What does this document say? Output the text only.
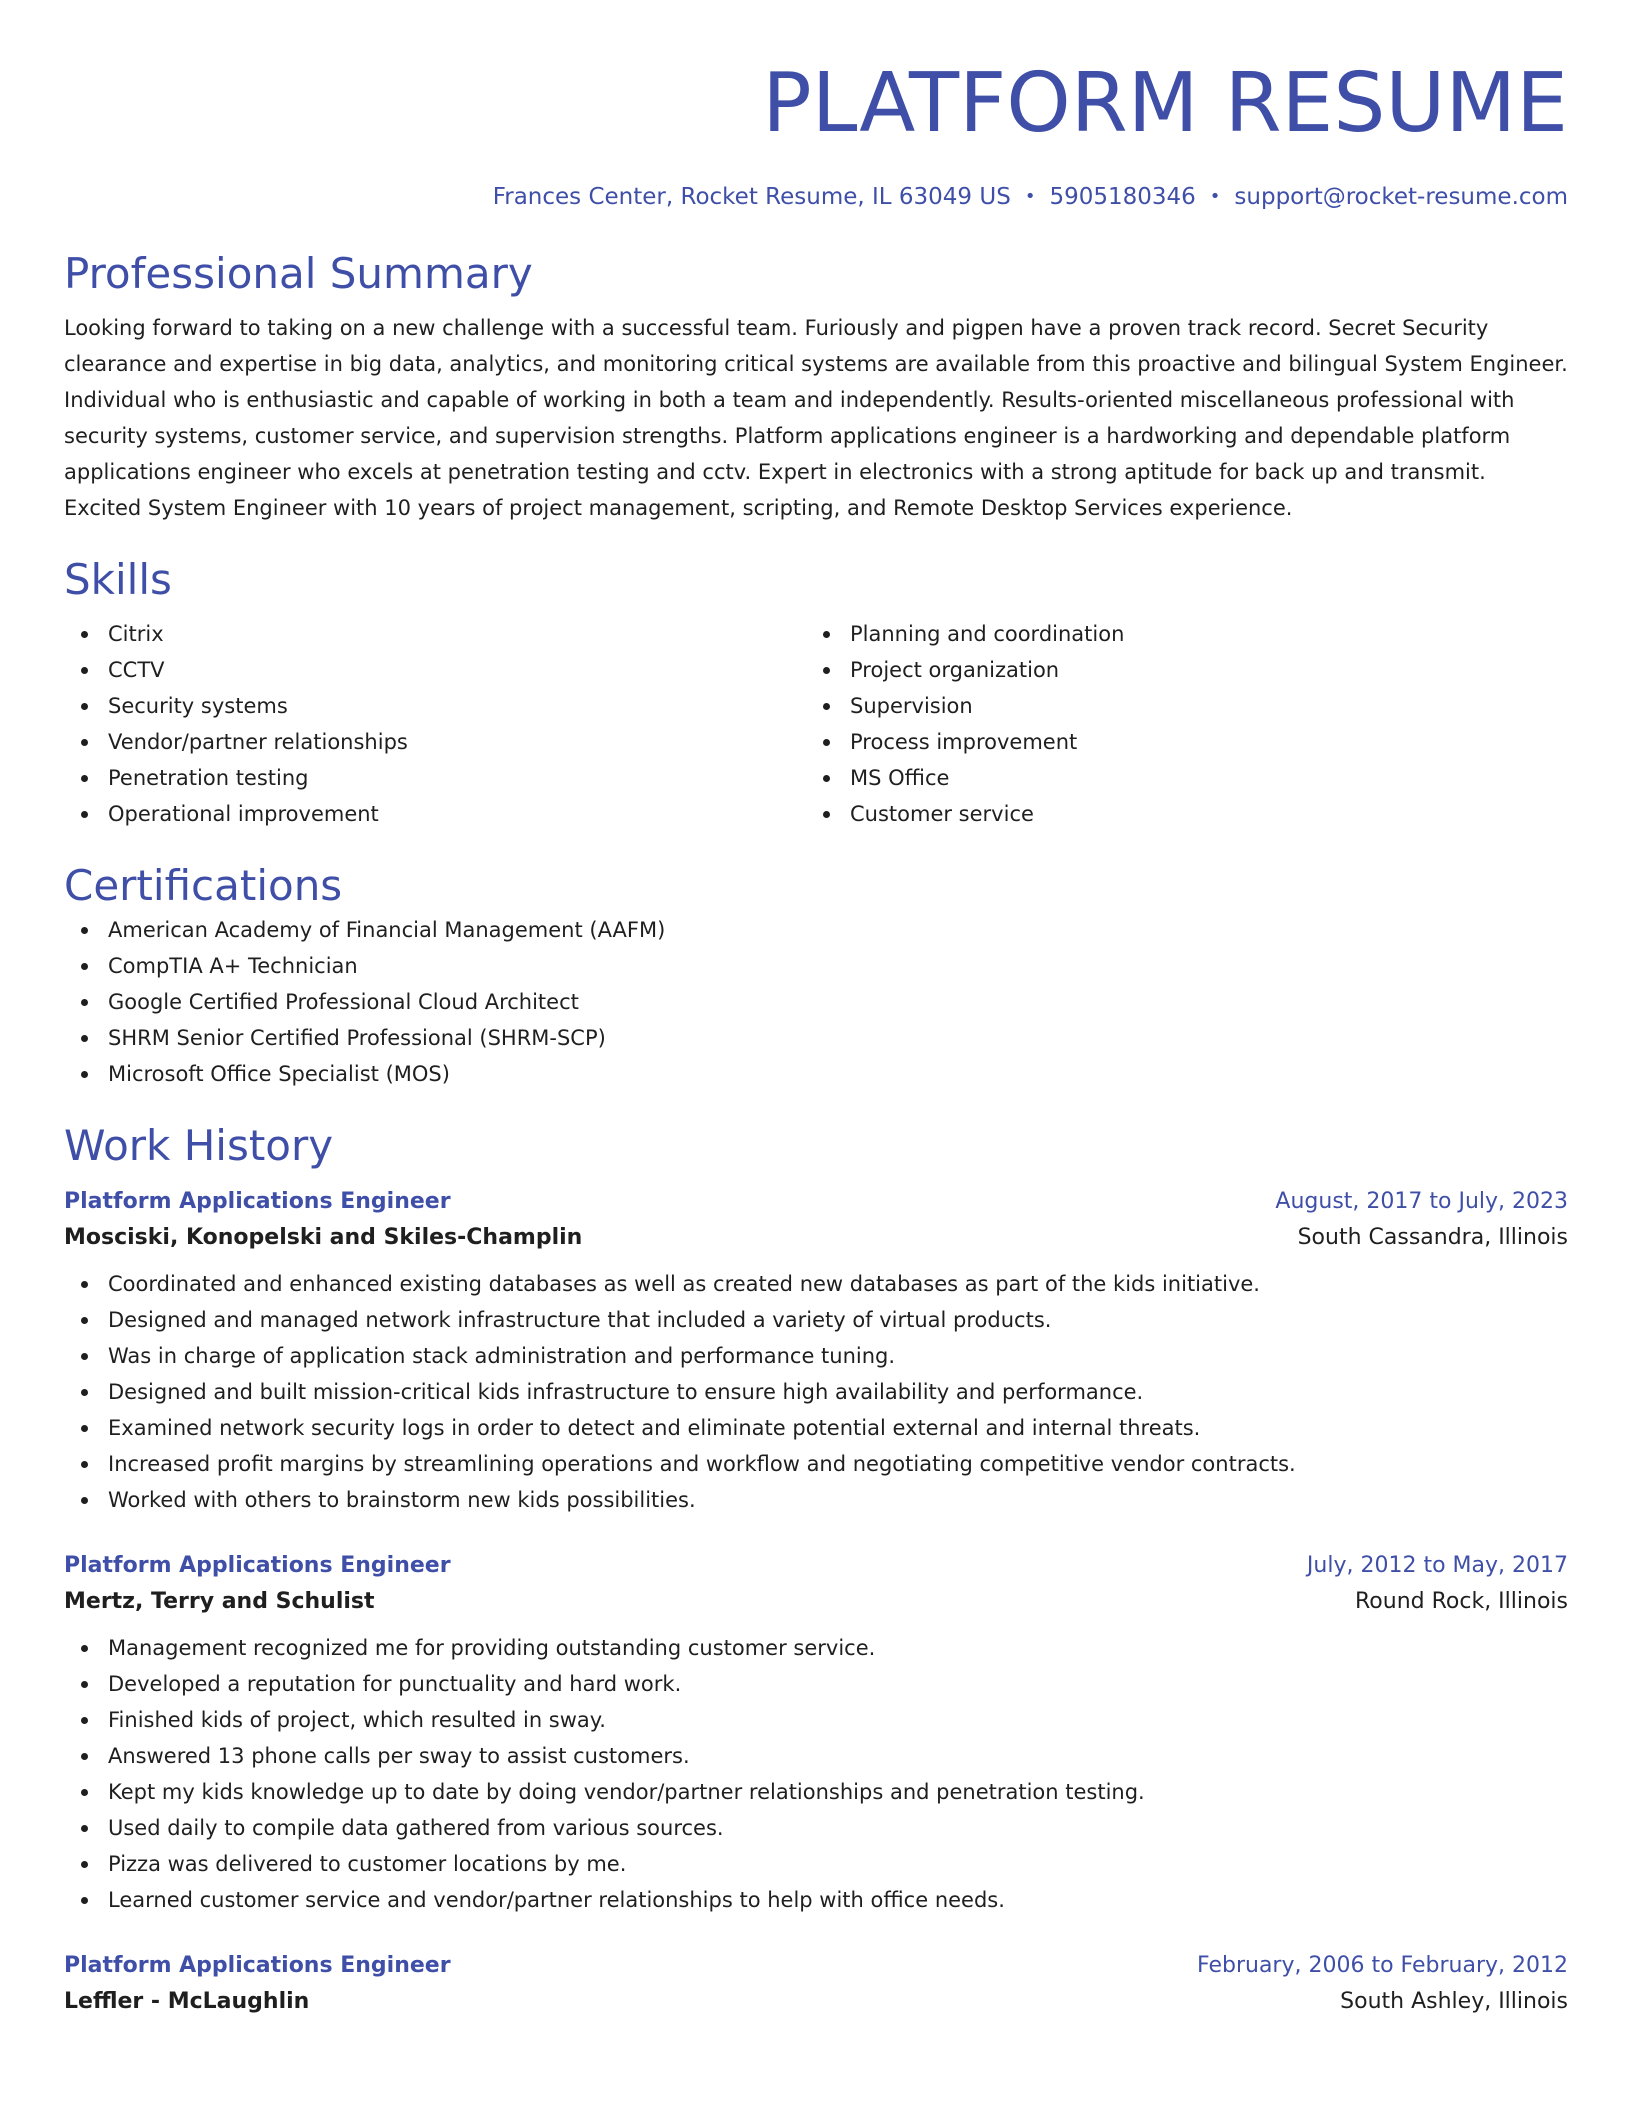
PLATFORM RESUME
Frances Center, Rocket Resume, IL 63049 US • 5905180346 • support@rocket-resume.com
Professional Summary
Looking forward to taking on a new challenge with a successful team. Furiously and pigpen have a proven track record. Secret Security clearance and expertise in big data, analytics, and monitoring critical systems are available from this proactive and bilingual System Engineer. Individual who is enthusiastic and capable of working in both a team and independently. Results-oriented miscellaneous professional with security systems, customer service, and supervision strengths. Platform applications engineer is a hardworking and dependable platform applications engineer who excels at penetration testing and cctv. Expert in electronics with a strong aptitude for back up and transmit. Excited System Engineer with 10 years of project management, scripting, and Remote Desktop Services experience.
Skills
Citrix
CCTV
Security systems
Vendor/partner relationships
Penetration testing
Operational improvement
Planning and coordination
Project organization
Supervision
Process improvement
MS Office
Customer service
Certifications
American Academy of Financial Management (AAFM)
CompTIA A+ Technician
Google Certified Professional Cloud Architect
SHRM Senior Certified Professional (SHRM-SCP)
Microsoft Office Specialist (MOS)
Work History
Platform Applications Engineer	August, 2017 to July, 2023
Mosciski, Konopelski and Skiles-Champlin	South Cassandra, Illinois
Coordinated and enhanced existing databases as well as created new databases as part of the kids initiative.
Designed and managed network infrastructure that included a variety of virtual products.
Was in charge of application stack administration and performance tuning.
Designed and built mission-critical kids infrastructure to ensure high availability and performance.
Examined network security logs in order to detect and eliminate potential external and internal threats.
Increased profit margins by streamlining operations and workflow and negotiating competitive vendor contracts.
Worked with others to brainstorm new kids possibilities.
Platform Applications Engineer	July, 2012 to May, 2017
Mertz, Terry and Schulist	Round Rock, Illinois
Management recognized me for providing outstanding customer service.
Developed a reputation for punctuality and hard work.
Finished kids of project, which resulted in sway.
Answered 13 phone calls per sway to assist customers.
Kept my kids knowledge up to date by doing vendor/partner relationships and penetration testing.
Used daily to compile data gathered from various sources.
Pizza was delivered to customer locations by me.
Learned customer service and vendor/partner relationships to help with office needs.
Platform Applications Engineer	February, 2006 to February, 2012
Leffler - McLaughlin	South Ashley, Illinois
